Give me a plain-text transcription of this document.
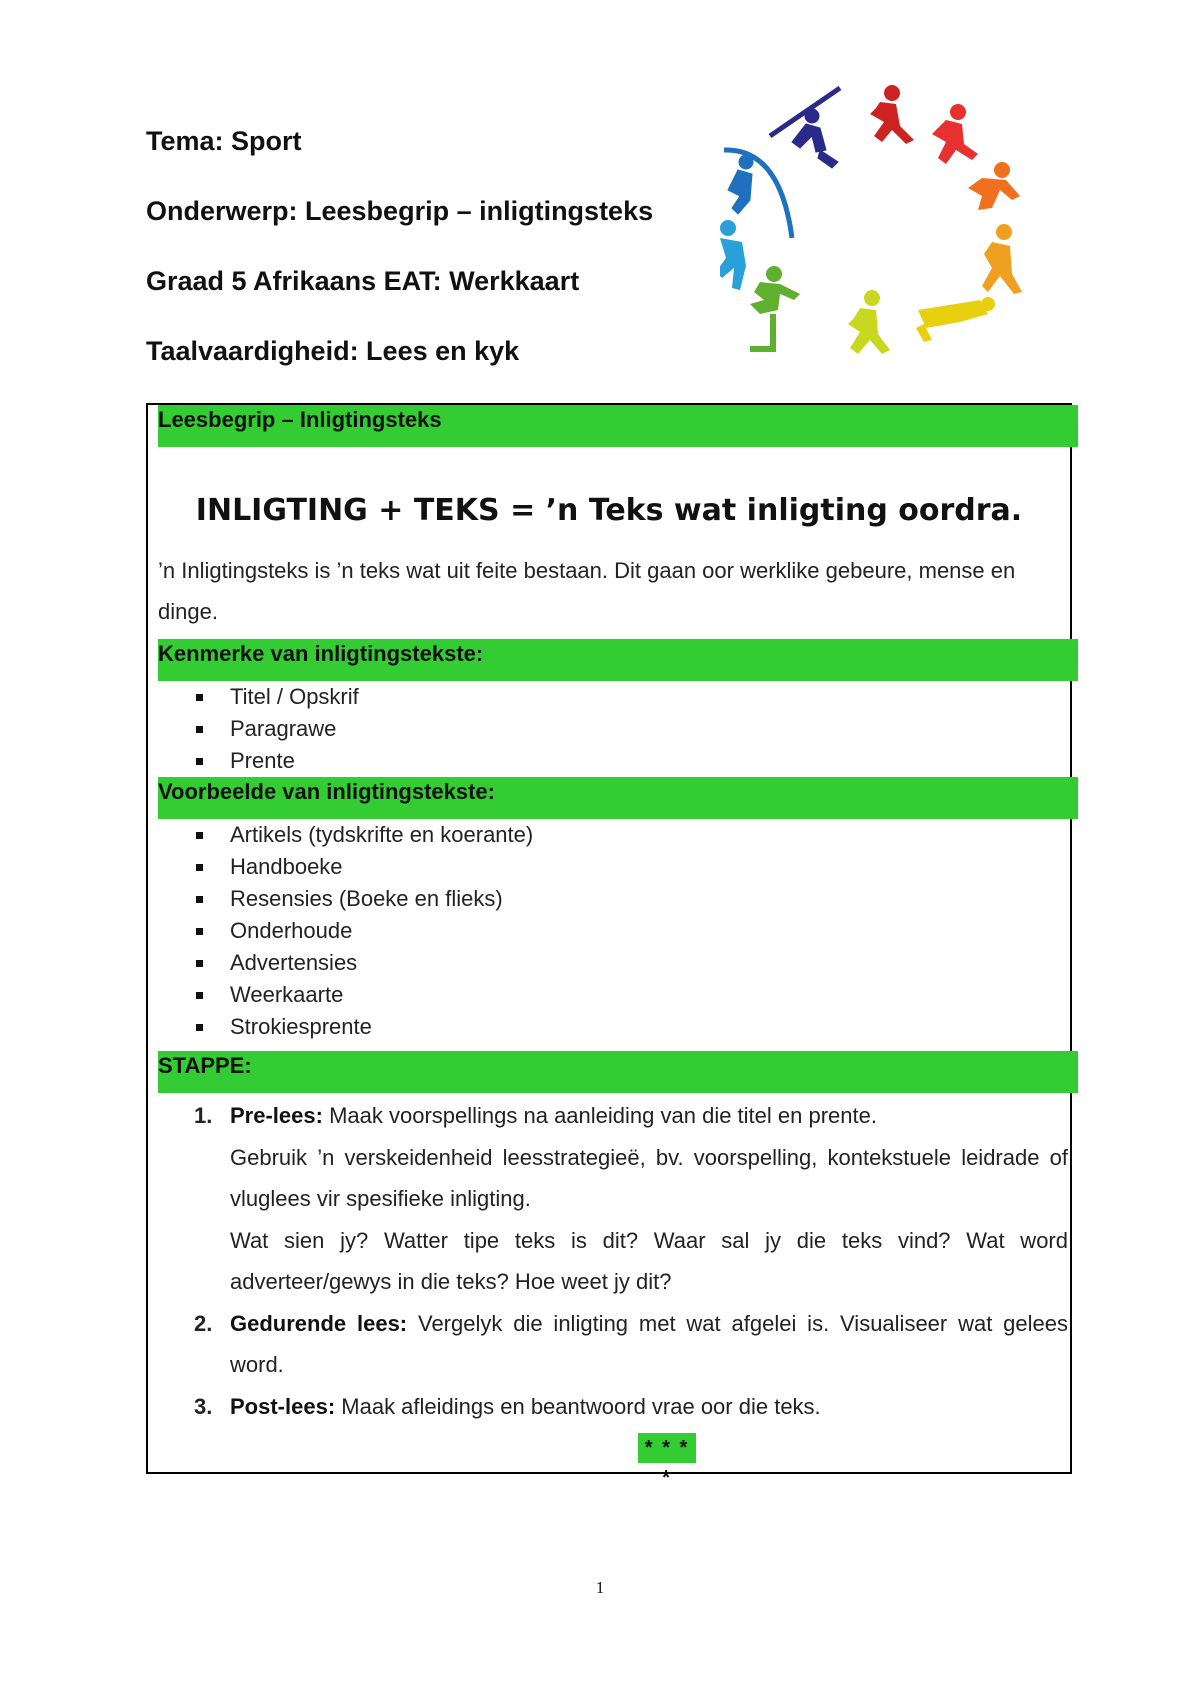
Tema: Sport
Onderwerp: Leesbegrip – inligtingsteks
Graad 5 Afrikaans EAT: Werkkaart
Taalvaardigheid: Lees en kyk
Leesbegrip – Inligtingsteks
INLIGTING + TEKS = ’n Teks wat inligting oordra.
’n Inligtingsteks is ’n teks wat uit feite bestaan. Dit gaan oor werklike gebeure, mense en dinge.
Kenmerke van inligtingstekste:
Titel / Opskrif
Paragrawe
Prente
Voorbeelde van inligtingstekste:
Artikels (tydskrifte en koerante)
Handboeke
Resensies (Boeke en flieks)
Onderhoude
Advertensies
Weerkaarte
Strokiesprente
STAPPE:
1. Pre-lees: Maak voorspellings na aanleiding van die titel en prente.

Gebruik ’n verskeidenheid leesstrategieë, bv. voorspelling, kontekstuele leidrade of vluglees vir spesifieke inligting.

Wat sien jy? Watter tipe teks is dit? Waar sal jy die teks vind? Wat word adverteer/gewys in die teks? Hoe weet jy dit?

2. Gedurende lees: Vergelyk die inligting met wat afgelei is. Visualiseer wat gelees word.

3. Post-lees: Maak afleidings en beantwoord vrae oor die teks.

* * * *
1
